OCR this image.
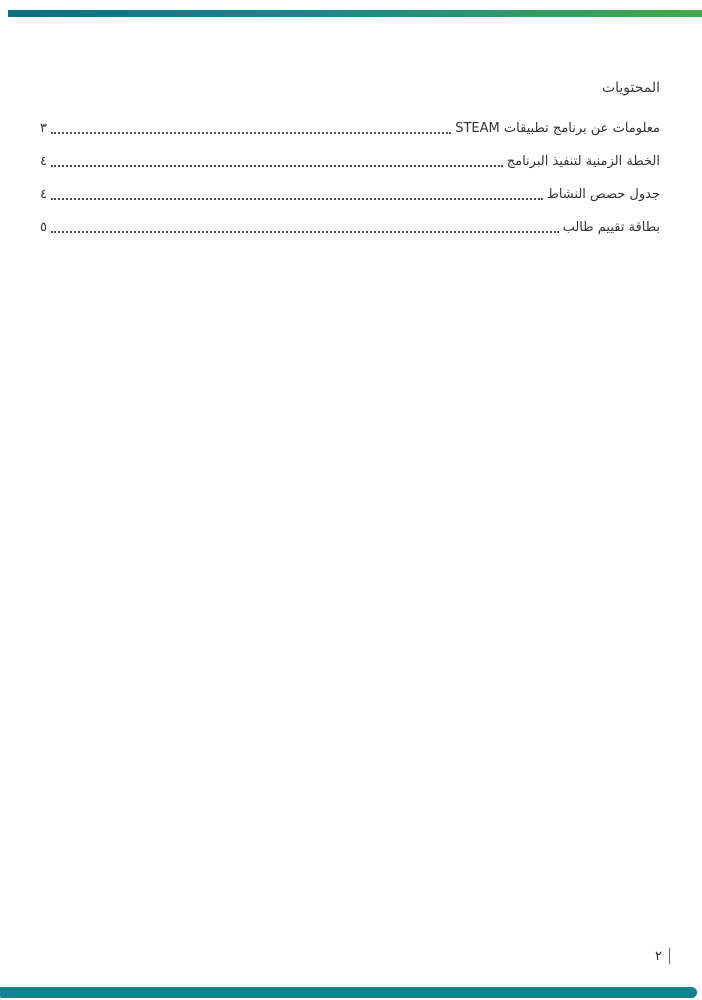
المحتويات
معلومات عن برنامج تطبيقات STEAM
٣
الخطة الزمنية لتنفيذ البرنامج
٤
جدول حصص النشاط
٤
بطاقة تقييم طالب
٥
٢
